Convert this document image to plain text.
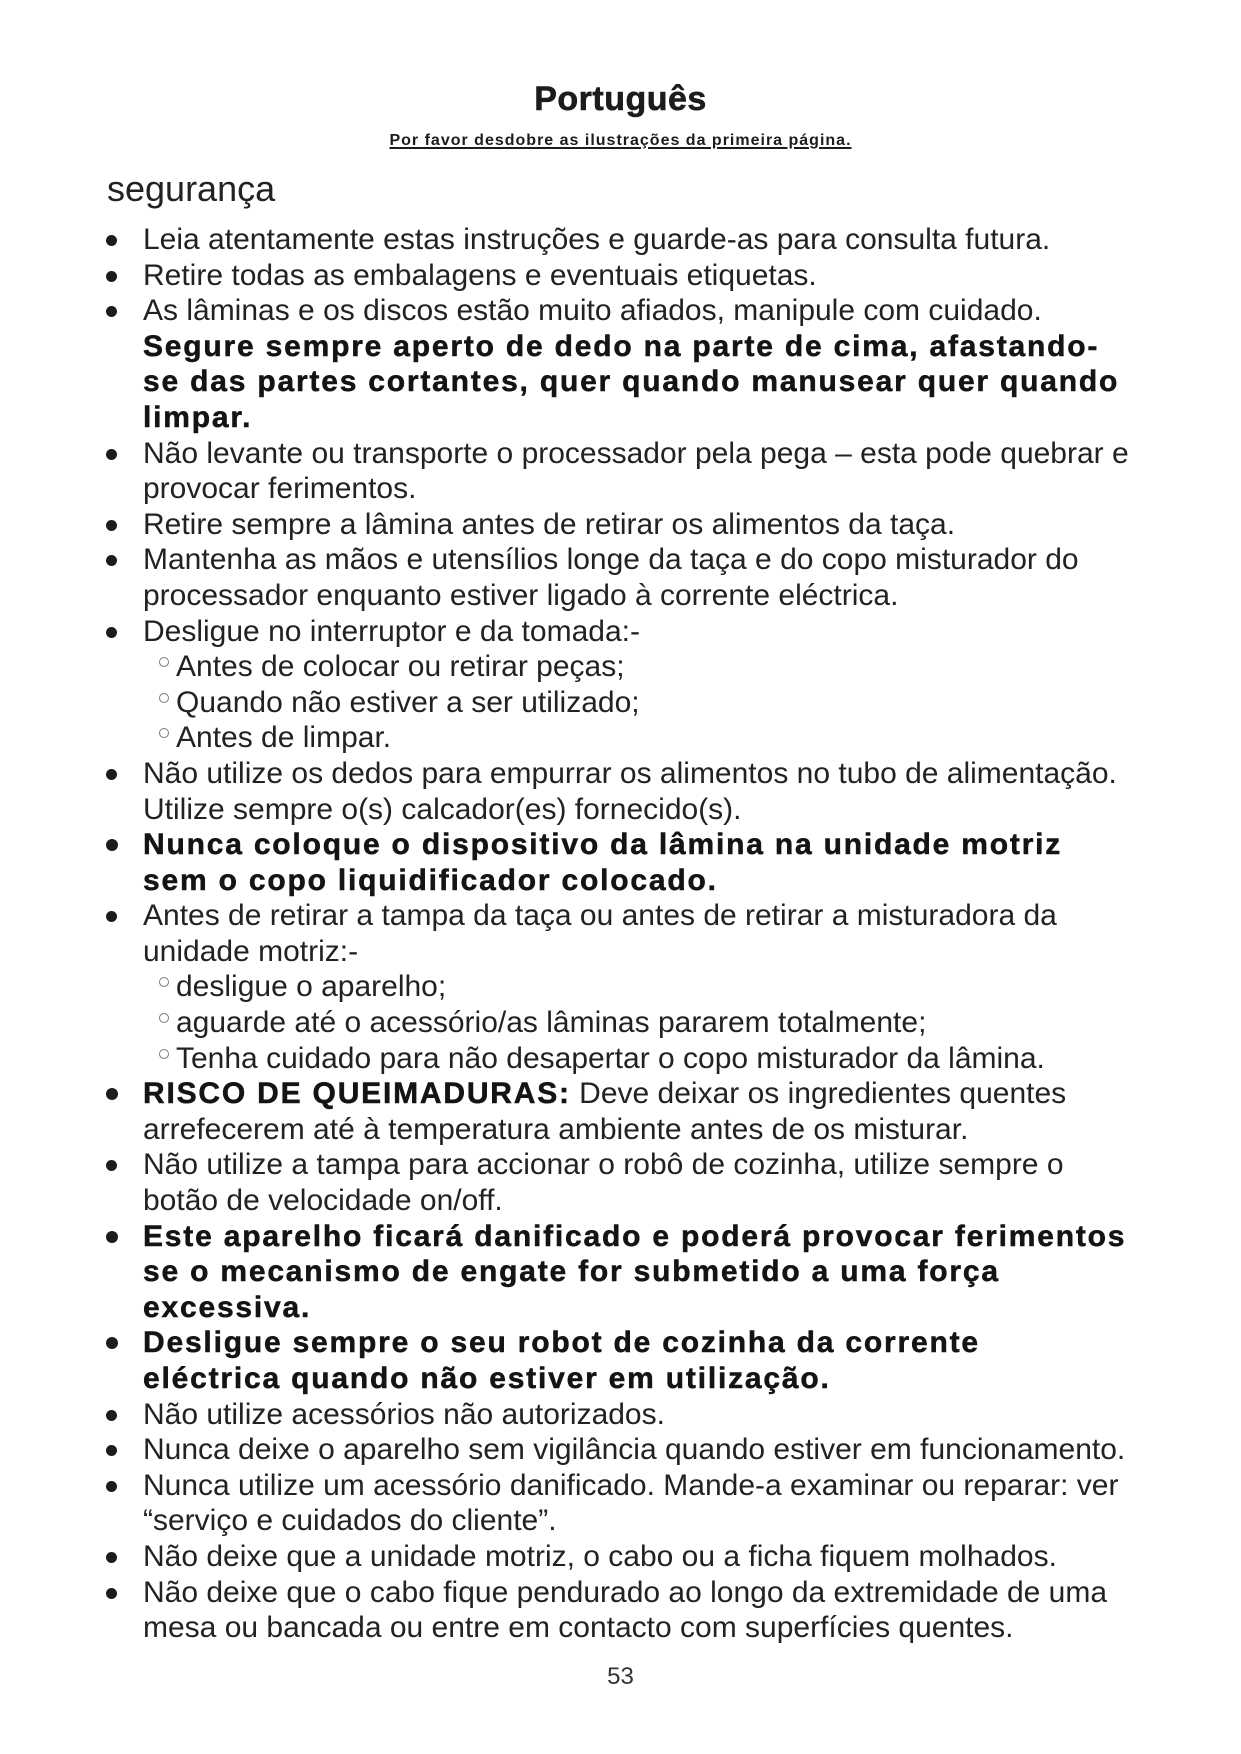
Português
Por favor desdobre as ilustrações da primeira página.
segurança
Leia atentamente estas instruções e guarde-as para consulta futura.
Retire todas as embalagens e eventuais etiquetas.
As lâminas e os discos estão muito afiados, manipule com cuidado.
Segure sempre aperto de dedo na parte de cima, afastando-
se das partes cortantes, quer quando manusear quer quando
limpar.
Não levante ou transporte o processador pela pega – esta pode quebrar e
provocar ferimentos.
Retire sempre a lâmina antes de retirar os alimentos da taça.
Mantenha as mãos e utensílios longe da taça e do copo misturador do
processador enquanto estiver ligado à corrente eléctrica.
Desligue no interruptor e da tomada:-
Antes de colocar ou retirar peças;
Quando não estiver a ser utilizado;
Antes de limpar.
Não utilize os dedos para empurrar os alimentos no tubo de alimentação.
Utilize sempre o(s) calcador(es) fornecido(s).
Nunca coloque o dispositivo da lâmina na unidade motriz
sem o copo liquidificador colocado.
Antes de retirar a tampa da taça ou antes de retirar a misturadora da
unidade motriz:-
desligue o aparelho;
aguarde até o acessório/as lâminas pararem totalmente;
Tenha cuidado para não desapertar o copo misturador da lâmina.
RISCO DE QUEIMADURAS: Deve deixar os ingredientes quentes
arrefecerem até à temperatura ambiente antes de os misturar.
Não utilize a tampa para accionar o robô de cozinha, utilize sempre o
botão de velocidade on/off.
Este aparelho ficará danificado e poderá provocar ferimentos
se o mecanismo de engate for submetido a uma força
excessiva.
Desligue sempre o seu robot de cozinha da corrente
eléctrica quando não estiver em utilização.
Não utilize acessórios não autorizados.
Nunca deixe o aparelho sem vigilância quando estiver em funcionamento.
Nunca utilize um acessório danificado. Mande-a examinar ou reparar: ver
“serviço e cuidados do cliente”.
Não deixe que a unidade motriz, o cabo ou a ficha fiquem molhados.
Não deixe que o cabo fique pendurado ao longo da extremidade de uma
mesa ou bancada ou entre em contacto com superfícies quentes.
53
